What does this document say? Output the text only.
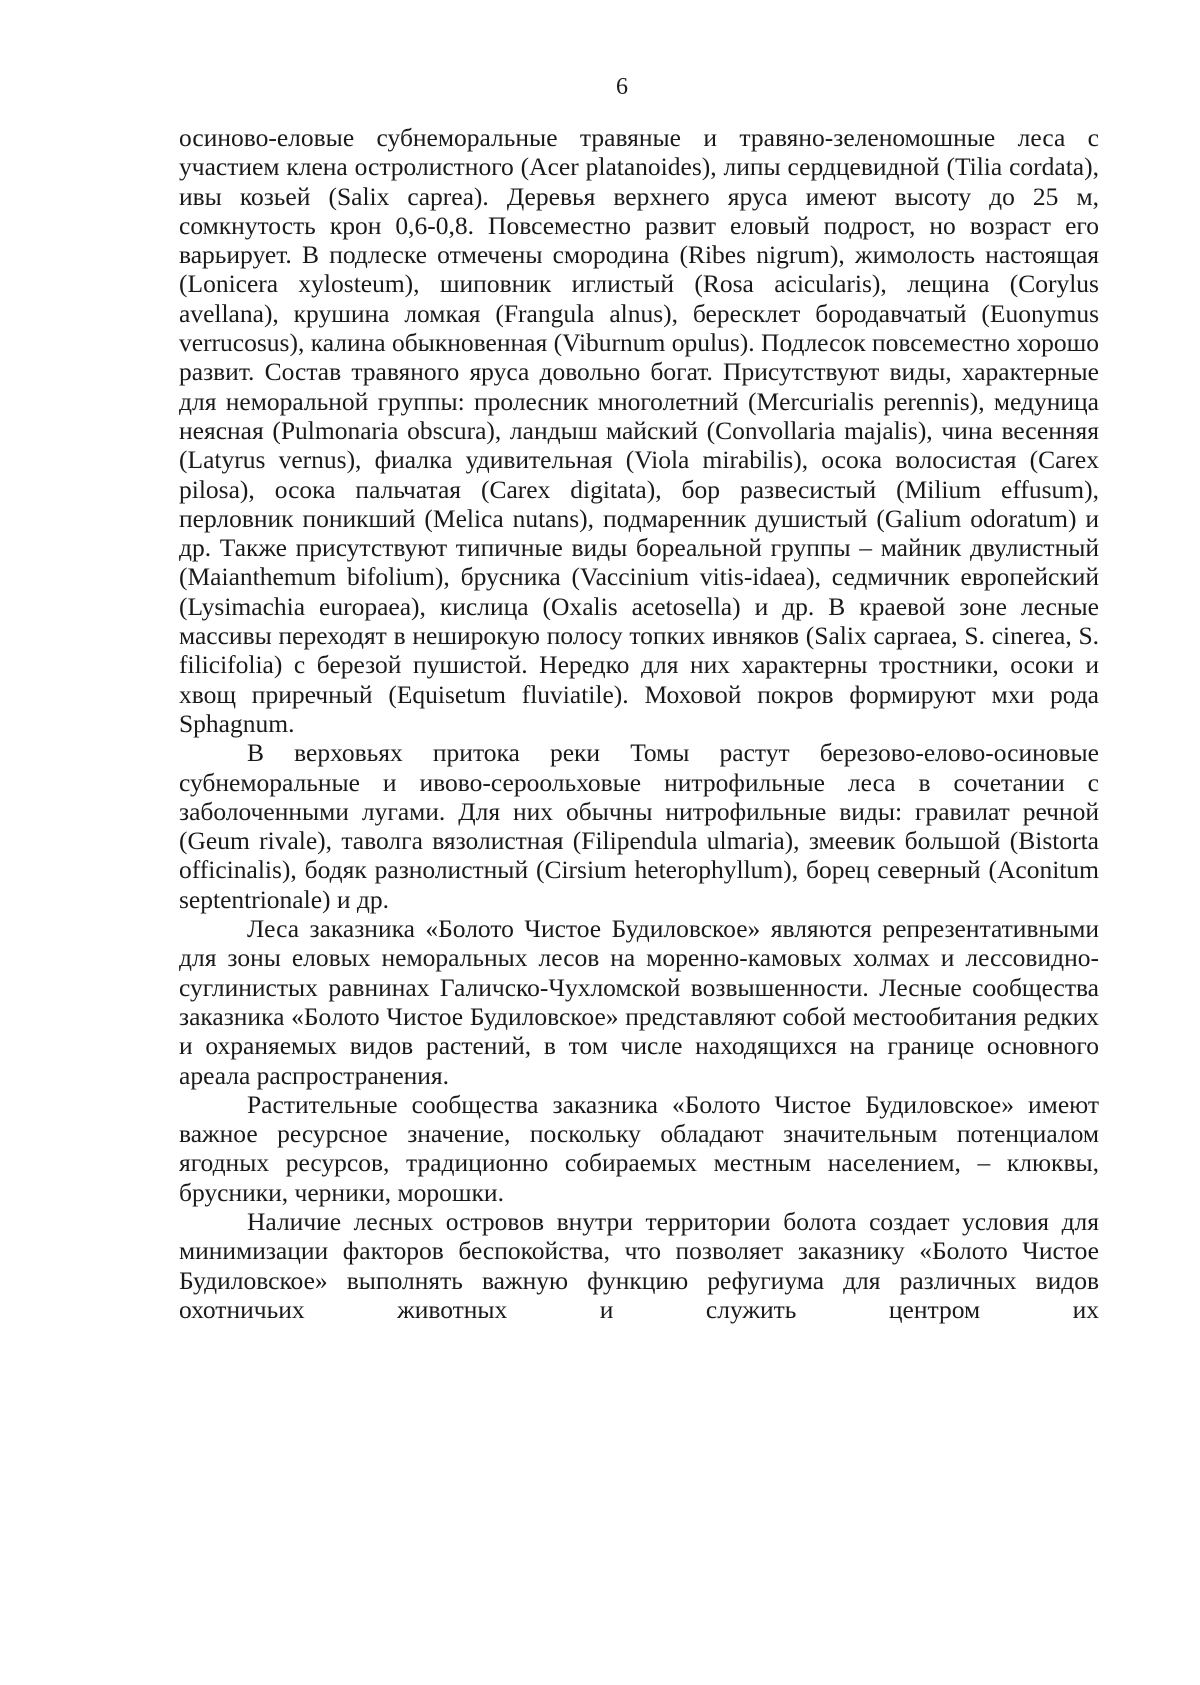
6

осиново-еловые субнеморальные травяные и травяно-зеленомошные леса с участием клена остролистного (Acer platanoides), липы сердцевидной (Tilia cordata), ивы козьей (Salix caprea). Деревья верхнего яруса имеют высоту до 25 м, сомкнутость крон 0,6-0,8. Повсеместно развит еловый подрост, но возраст его варьирует. В подлеске отмечены смородина (Ribes nigrum), жимолость настоящая (Lonicera xylosteum), шиповник иглистый (Rosa acicularis), лещина (Corylus avellana), крушина ломкая (Frangula alnus), бересклет бородавчатый (Euonymus verrucosus), калина обыкновенная (Viburnum opulus). Подлесок повсеместно хорошо развит. Состав травяного яруса довольно богат. Присутствуют виды, характерные для неморальной группы: пролесник многолетний (Mercurialis perennis), медуница неясная (Pulmonaria obscura), ландыш майский (Convollaria majalis), чина весенняя (Latyrus vernus), фиалка удивительная (Viola mirabilis), осока волосистая (Carex pilosa), осока пальчатая (Carex digitata), бор развесистый (Milium effusum), перловник поникший (Melica nutans), подмаренник душистый (Galium odoratum) и др. Также присутствуют типичные виды бореальной группы – майник двулистный (Maianthemum bifolium), брусника (Vaccinium vitis-idaea), седмичник европейский (Lysimachia europaea), кислица (Oxalis acetosella) и др. В краевой зоне лесные массивы переходят в неширокую полосу топких ивняков (Salix capraea, S. cinerea, S. filicifolia) с березой пушистой. Нередко для них характерны тростники, осоки и хвощ приречный (Equisetum fluviatile). Моховой покров формируют мхи рода Sphagnum.

В верховьях притока реки Томы растут березово-елово-осиновые субнеморальные и ивово-сероольховые нитрофильные леса в сочетании с заболоченными лугами. Для них обычны нитрофильные виды: гравилат речной (Geum rivale), таволга вязолистная (Filipendula ulmaria), змеевик большой (Bistorta officinalis), бодяк разнолистный (Cirsium heterophyllum), борец северный (Aconitum septentrionale) и др.

Леса заказника «Болото Чистое Будиловское» являются репрезентативными для зоны еловых неморальных лесов на моренно-камовых холмах и лессовидно-суглинистых равнинах Галичско-Чухломской возвышенности. Лесные сообщества заказника «Болото Чистое Будиловское» представляют собой местообитания редких и охраняемых видов растений, в том числе находящихся на границе основного ареала распространения.

Растительные сообщества заказника «Болото Чистое Будиловское» имеют важное ресурсное значение, поскольку обладают значительным потенциалом ягодных ресурсов, традиционно собираемых местным населением, – клюквы, брусники, черники, морошки.

Наличие лесных островов внутри территории болота создает условия для минимизации факторов беспокойства, что позволяет заказнику «Болото Чистое Будиловское» выполнять важную функцию рефугиума для различных видов охотничьих животных и служить центром их
